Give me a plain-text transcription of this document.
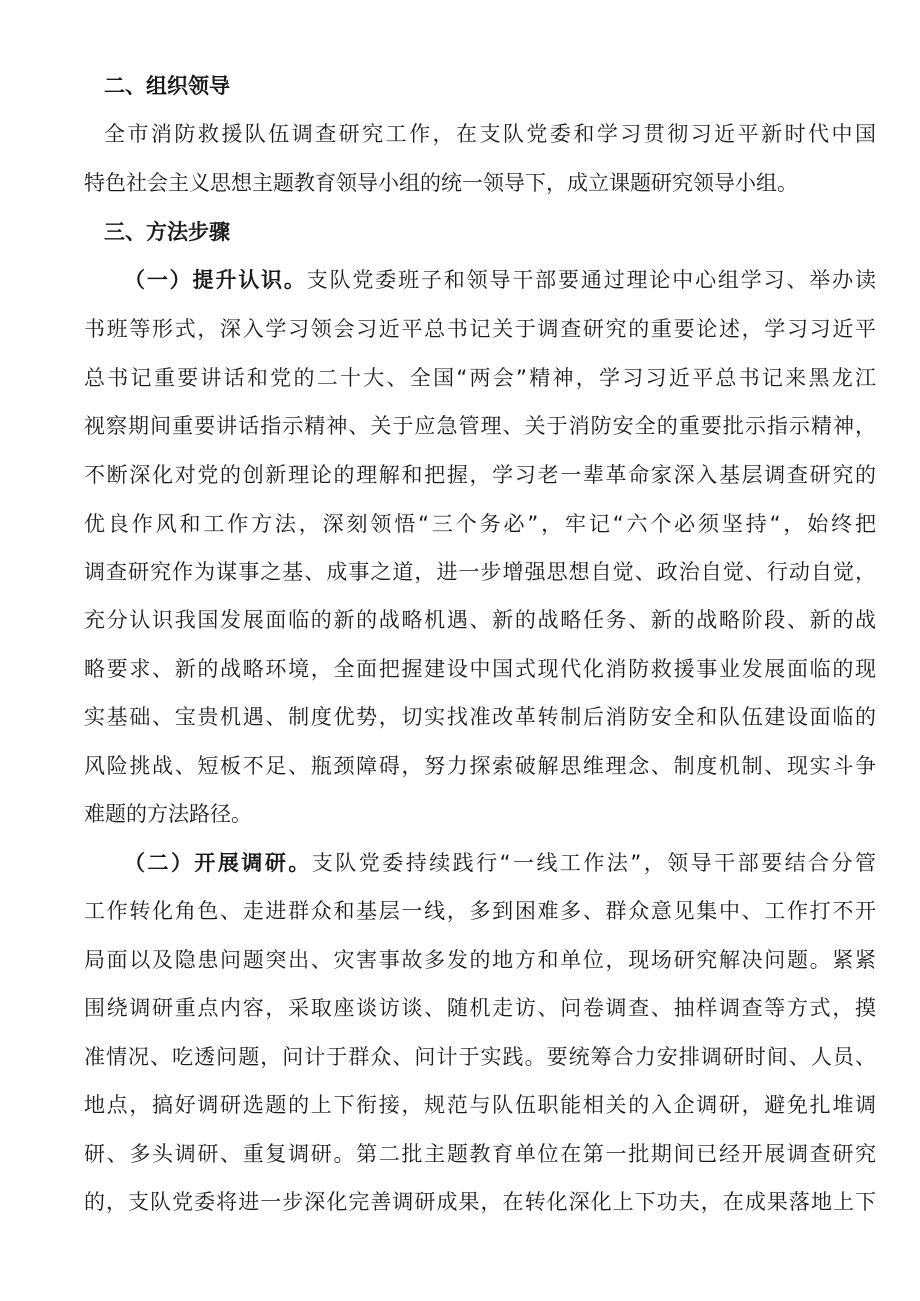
二、组织领导
全市消防救援队伍调查研究工作，在支队党委和学习贯彻习近平新时代中国
特色社会主义思想主题教育领导小组的统一领导下，成立课题研究领导小组。
三、方法步骤
（一）提升认识。支队党委班子和领导干部要通过理论中心组学习、举办读
书班等形式，深入学习领会习近平总书记关于调查研究的重要论述，学习习近平
总书记重要讲话和党的二十大、全国“两会”精神，学习习近平总书记来黑龙江
视察期间重要讲话指示精神、关于应急管理、关于消防安全的重要批示指示精神，
不断深化对党的创新理论的理解和把握，学习老一辈革命家深入基层调查研究的
优良作风和工作方法，深刻领悟“三个务必”，牢记“六个必须坚持“，始终把
调查研究作为谋事之基、成事之道，进一步增强思想自觉、政治自觉、行动自觉，
充分认识我国发展面临的新的战略机遇、新的战略任务、新的战略阶段、新的战
略要求、新的战略环境，全面把握建设中国式现代化消防救援事业发展面临的现
实基础、宝贵机遇、制度优势，切实找准改革转制后消防安全和队伍建设面临的
风险挑战、短板不足、瓶颈障碍，努力探索破解思维理念、制度机制、现实斗争
难题的方法路径。
（二）开展调研。支队党委持续践行“一线工作法”，领导干部要结合分管
工作转化角色、走进群众和基层一线，多到困难多、群众意见集中、工作打不开
局面以及隐患问题突出、灾害事故多发的地方和单位，现场研究解决问题。紧紧
围绕调研重点内容，采取座谈访谈、随机走访、问卷调查、抽样调查等方式，摸
准情况、吃透问题，问计于群众、问计于实践。要统筹合力安排调研时间、人员、
地点，搞好调研选题的上下衔接，规范与队伍职能相关的入企调研，避免扎堆调
研、多头调研、重复调研。第二批主题教育单位在第一批期间已经开展调查研究
的，支队党委将进一步深化完善调研成果，在转化深化上下功夫，在成果落地上下
